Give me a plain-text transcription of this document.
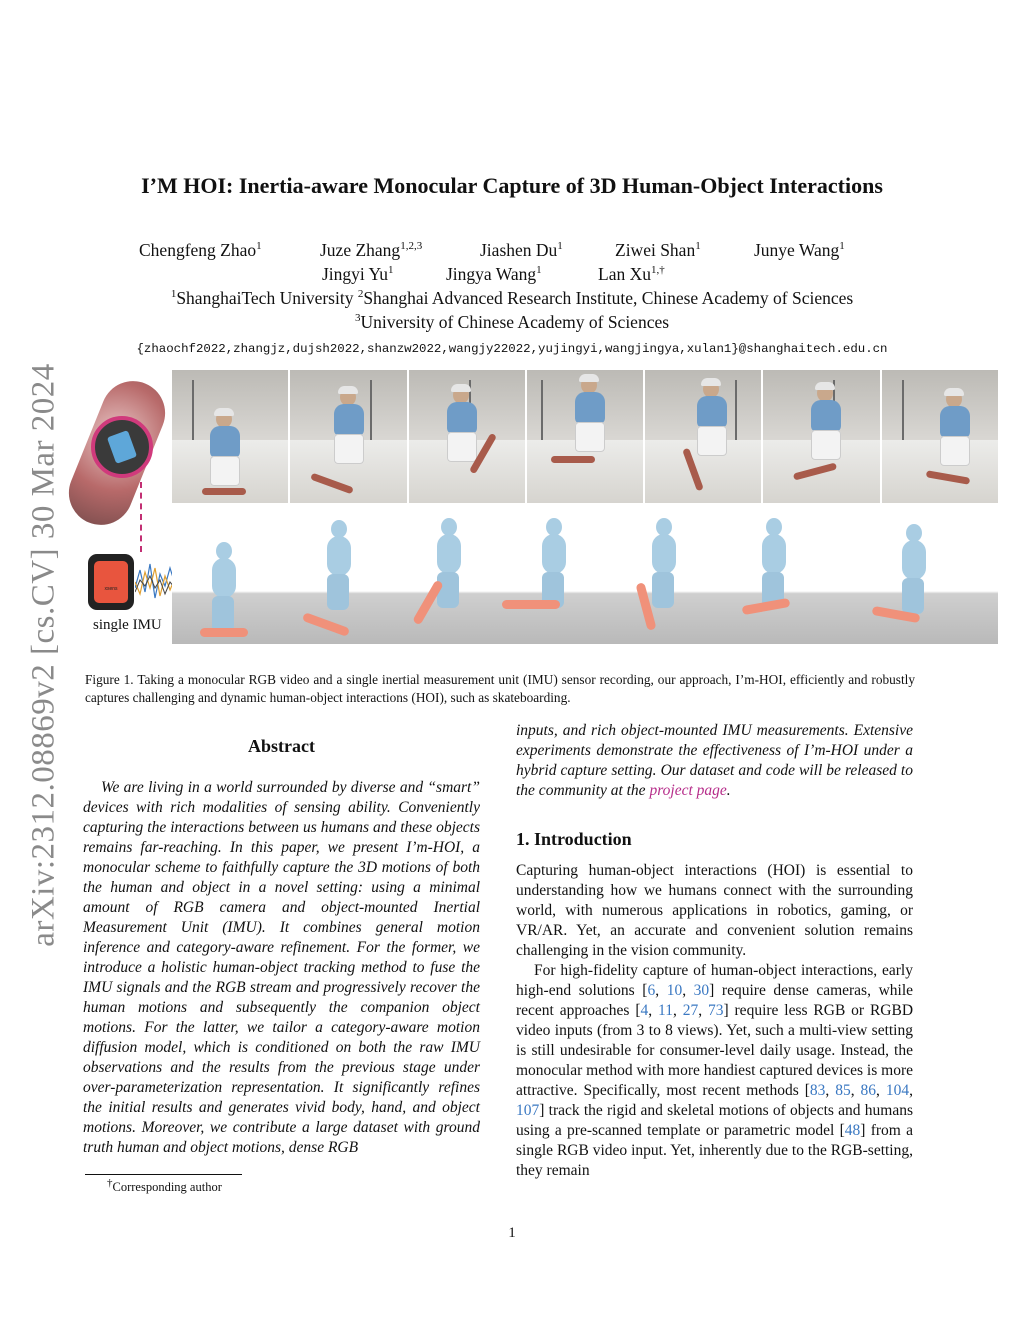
arXiv:2312.08869v2 [cs.CV] 30 Mar 2024
I’M HOI: Inertia-aware Monocular Capture of 3D Human-Object Interactions
Chengfeng Zhao$^1$	Juze Zhang$^{1,2,3}$	Jiashen Du$^1$	Ziwei Shan$^1$	Junye Wang$^1$
Jingyi Yu$^1$	Jingya Wang$^1$	Lan $Xu^{1,\dagger}$
$^1$ShanghaiTech University $^2$Shanghai Advanced Research Institute, Chinese Academy of Sciences
$^3$University of Chinese Academy of Sciences
{zhaochf2022,zhangjz,dujsh2022,shanzw2022,wangjy22022,yujingyi,wangjingya,xulan1}@shanghaitech.edu.cn
xsens
single IMU
Figure 1. Taking a monocular RGB video and a single inertial measurement unit (IMU) sensor recording, our approach, I’m-HOI, efficiently and robustly captures challenging and dynamic human-object interactions (HOI), such as skateboarding.
Abstract

We are living in a world surrounded by diverse and “smart” devices with rich modalities of sensing ability. Conveniently capturing the interactions between us humans and these objects remains far-reaching. In this paper, we present I’m-HOI, a monocular scheme to faithfully capture the 3D motions of both the human and object in a novel setting: using a minimal amount of RGB camera and object-mounted Inertial Measurement Unit (IMU). It combines general motion inference and category-aware refinement. For the former, we introduce a holistic human-object tracking method to fuse the IMU signals and the RGB stream and progressively recover the human motions and subsequently the companion object motions. For the latter, we tailor a category-aware motion diffusion model, which is conditioned on both the raw IMU observations and the results from the previous stage under over-parameterization representation. It significantly refines the initial results and generates vivid body, hand, and object motions. Moreover, we contribute a large dataset with ground truth human and object motions, dense RGB

inputs, and rich object-mounted IMU measurements. Extensive experiments demonstrate the effectiveness of I’m-HOI under a hybrid capture setting. Our dataset and code will be released to the community at the project page.

1. Introduction

Capturing human-object interactions (HOI) is essential to understanding how we humans connect with the surrounding world, with numerous applications in robotics, gaming, or VR/AR. Yet, an accurate and convenient solution remains challenging in the vision community.

For high-fidelity capture of human-object interactions, early high-end solutions [6, 10, 30] require dense cameras, while recent approaches [4, 11, 27, 73] require less RGB or RGBD video inputs (from 3 to 8 views). Yet, such a multi-view setting is still undesirable for consumer-level daily usage. Instead, the monocular method with more handiest captured devices is more attractive. Specifically, most recent methods [83, 85, 86, 104, 107] track the rigid and skeletal motions of objects and humans using a pre-scanned template or parametric model [48] from a single RGB video input. Yet, inherently due to the RGB-setting, they remain

†Corresponding author
1
